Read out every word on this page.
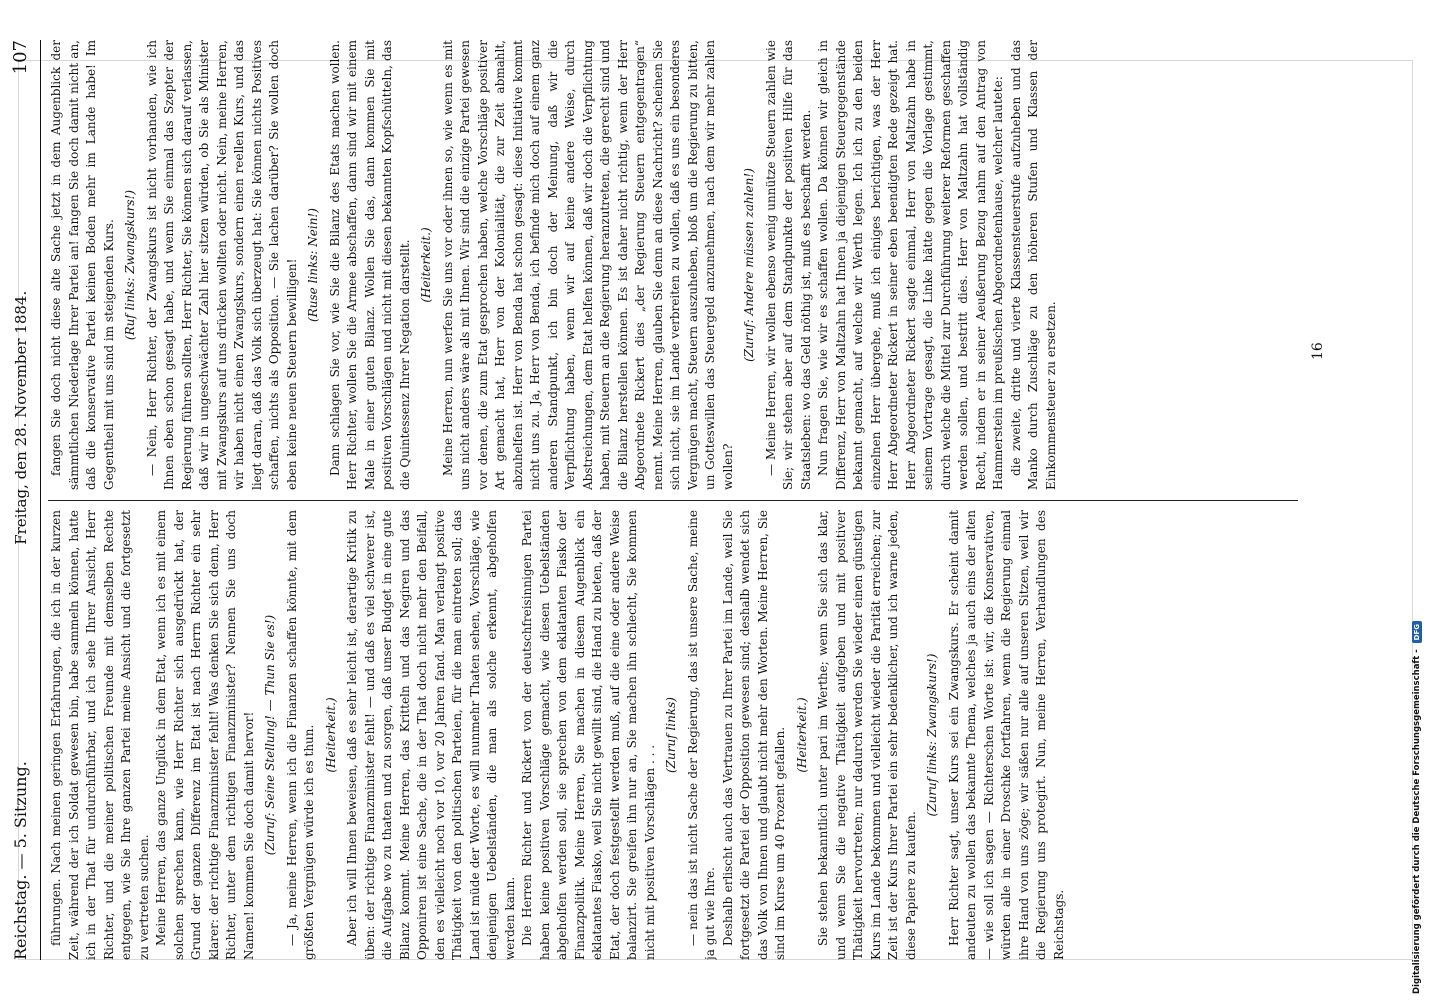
Reichstag. — 5. Sitzung.
Freitag, den 28. November 1884.
107

führungen. Nach meinen geringen Erfahrungen, die ich in der kurzen Zeit, während der ich Soldat gewesen bin, habe sammeln können, hatte ich in der That für undurchführbar, und ich sehe Ihrer Ansicht, Herr Richter, und die meiner politischen Freunde mit demselben Rechte entgegen, wie Sie Ihre ganzen Partei meine Ansicht und die fortgesetzt zu vertreten suchen. Meine Herren, das ganze Unglück in dem Etat, wenn ich es mit einem solchen sprechen kann, wie Herr Richter sich ausgedrückt hat, der Grund der ganzen Differenz im Etat ist nach Herrn Richter ein sehr klarer: der richtige Finanzminister fehlt! Was denken Sie sich denn, Herr Richter, unter dem richtigen Finanzminister? Nennen Sie uns doch Namen! kommen Sie doch damit hervor! (Zuruf: Seine Stellung! — Thun Sie es!) — Ja, meine Herren, wenn ich die Finanzen schaffen könnte, mit dem größten Vergnügen würde ich es thun. (Heiterkeit.) Aber ich will Ihnen beweisen, daß es sehr leicht ist, derartige Kritik zu üben: der richtige Finanzminister fehlt! — und daß es viel schwerer ist, die Aufgabe wo zu thaten und zu sorgen, daß unser Budget in eine gute Bilanz kommt. Meine Herren, das Kritteln und das Negiren und das Opponiren ist eine Sache, die in der That doch nicht mehr den Beifall, den es vielleicht noch vor 10, vor 20 Jahren fand. Man verlangt positive Thätigkeit von den politischen Parteien, für die man eintreten soll; das Land ist müde der Worte, es will nunmehr Thaten sehen, Vorschläge, wie denjenigen Uebelständen, die man als solche erkennt, abgeholfen werden kann. Die Herren Richter und Rickert von der deutschfreisinnigen Partei haben keine positiven Vorschläge gemacht, wie diesen Uebelständen abgeholfen werden soll, sie sprechen von dem eklatanten Fiasko der Finanzpolitik. Meine Herren, Sie machen in diesem Augenblick ein eklatantes Fiasko, weil Sie nicht gewillt sind, die Hand zu bieten, daß der Etat, der doch festgestellt werden muß, auf die eine oder andere Weise balanzirt. Sie greifen ihn nur an, Sie machen ihn schlecht, Sie kommen nicht mit positiven Vorschlägen . . .

(Zuruf links) — nein das ist nicht Sache der Regierung, das ist unsere Sache, meine ja gut wie Ihre. Deshalb erlischt auch das Vertrauen zu Ihrer Partei im Lande, weil Sie fortgesetzt die Partei der Opposition gewesen sind; deshalb wendet sich das Volk von Ihnen und glaubt nicht mehr den Worten. Meine Herren, Sie sind im Kurse um 40 Prozent gefallen. (Heiterkeit.) Sie stehen bekanntlich unter pari im Werthe; wenn Sie sich das klar, und wenn Sie die negative Thätigkeit aufgeben und mit positiver Thätigkeit hervortreten; nur dadurch werden Sie wieder einen günstigen Kurs im Lande bekommen und vielleicht wieder die Parität erreichen; zur Zeit ist der Kurs Ihrer Partei ein sehr bedenklicher, und ich warne jeden, diese Papiere zu kaufen.

(Zuruf links: Zwangskurs!) Herr Richter sagt, unser Kurs sei ein Zwangskurs. Er scheint damit andeuten zu wollen das bekannte Thema, welches ja auch eins der alten — wie soll ich sagen — Richterschen Worte ist: wir, die Konservativen, würden alle in einer Droschke fortfahren, wenn die Regierung einmal ihre Hand von uns zöge; wir säßen nur alle auf unseren Sitzen, weil wir die Regierung uns protegirt. Nun, meine Herren, Verhandlungen des Reichstags.

fangen Sie doch nicht diese alte Sache jetzt in dem Augenblick der sämmtlichen Niederlage Ihrer Partei an! fangen Sie doch damit nicht an, daß die konservative Partei keinen Boden mehr im Lande habe! Im Gegentheil mit uns sind im steigenden Kurs. (Ruf links: Zwangskurs!) — Nein, Herr Richter, der Zwangskurs ist nicht vorhanden, wie ich Ihnen eben schon gesagt habe, und wenn Sie einmal das Szepter der Regierung führen sollten, Herr Richter, Sie können sich darauf verlassen, daß wir in ungeschwächter Zahl hier sitzen würden, ob Sie als Minister mit Zwangskurs auf uns drücken wollten oder nicht. Nein, meine Herren, wir haben nicht einen Zwangskurs, sondern einen reellen Kurs, und das liegt daran, daß das Volk sich überzeugt hat: Sie können nichts Positives schaffen, nichts als Opposition. — Sie lachen darüber? Sie wollen doch eben keine neuen Steuern bewilligen! (Ruse links: Nein!) Dann schlagen Sie vor, wie Sie die Bilanz des Etats machen wollen. Herr Richter, wollen Sie die Armee abschaffen, dann sind wir mit einem Male in einer guten Bilanz. Wollen Sie das, dann kommen Sie mit positiven Vorschlägen und nicht mit diesen bekannten Kopfschütteln, das die Quintessenz Ihrer Negation darstellt. (Heiterkeit.) Meine Herren, nun werfen Sie uns vor oder ihnen so, wie wenn es mit uns nicht anders wäre als mit Ihnen. Wir sind die einzige Partei gewesen vor denen, die zum Etat gesprochen haben, welche Vorschläge positiver Art gemacht hat, Herr von der Kolonialität, die zur Zeit abmahlt, abzuhelfen ist. Herr von Benda hat schon gesagt: diese Initiative kommt nicht uns zu. Ja, Herr von Benda, ich befinde mich doch auf einem ganz anderen Standpunkt, ich bin doch der Meinung, daß wir die Verpflichtung haben, wenn wir auf keine andere Weise, durch Abstreichungen, dem Etat helfen können, daß wir doch die Verpflichtung haben, mit Steuern an die Regierung heranzutreten, die gerecht sind und die Bilanz herstellen können. Es ist daher nicht richtig, wenn der Herr Abgeordnete Rickert dies „der Regierung Steuern entgegentragen“ nennt. Meine Herren, glauben Sie denn an diese Nachricht? scheinen Sie sich nicht, sie im Lande verbreiten zu wollen, daß es uns ein besonderes Vergnügen macht, Steuern auszuheben, bloß um die Regierung zu bitten, un Gotteswillen das Steuergeld anzunehmen, nach dem wir mehr zahlen wollen?

(Zuruf: Andere müssen zahlen!) — Meine Herren, wir wollen ebenso wenig unnütze Steuern zahlen wie Sie; wir stehen aber auf dem Standpunkte der positiven Hilfe für das Staatsleben: wo das Geld nöthig ist, muß es beschafft werden. Nun fragen Sie, wie wir es schaffen wollen. Da können wir gleich in Differenz, Herr von Maltzahn hat Ihnen ja diejenigen Steuergegenstände bekannt gemacht, auf welche wir Werth legen. Ich ich zu den beiden einzelnen Herr übergehe, muß ich einiges berichtigen, was der Herr Herr Abgeordneter Rickert in seiner eben beendigten Rede gezeigt hat. Herr Abgeordneter Rickert sagte einmal, Herr von Maltzahn habe in seinem Vortrage gesagt, die Linke hätte gegen die Vorlage gestimmt, durch welche die Mittel zur Durchführung weiterer Reformen geschaffen werden sollen, und bestritt dies. Herr von Maltzahn hat vollständig Recht, indem er in seiner Aeußerung Bezug nahm auf den Antrag von Hammerstein im preußischen Abgeordnetenhause, welcher lautete: die zweite, dritte und vierte Klassensteuerstufe aufzuheben und das Manko durch Zuschläge zu den höheren Stufen und Klassen der Einkommensteuer zu ersetzen.	16
Digitalisierung gefördert durch die Deutsche Forschungsgemeinschaft -
DFG
